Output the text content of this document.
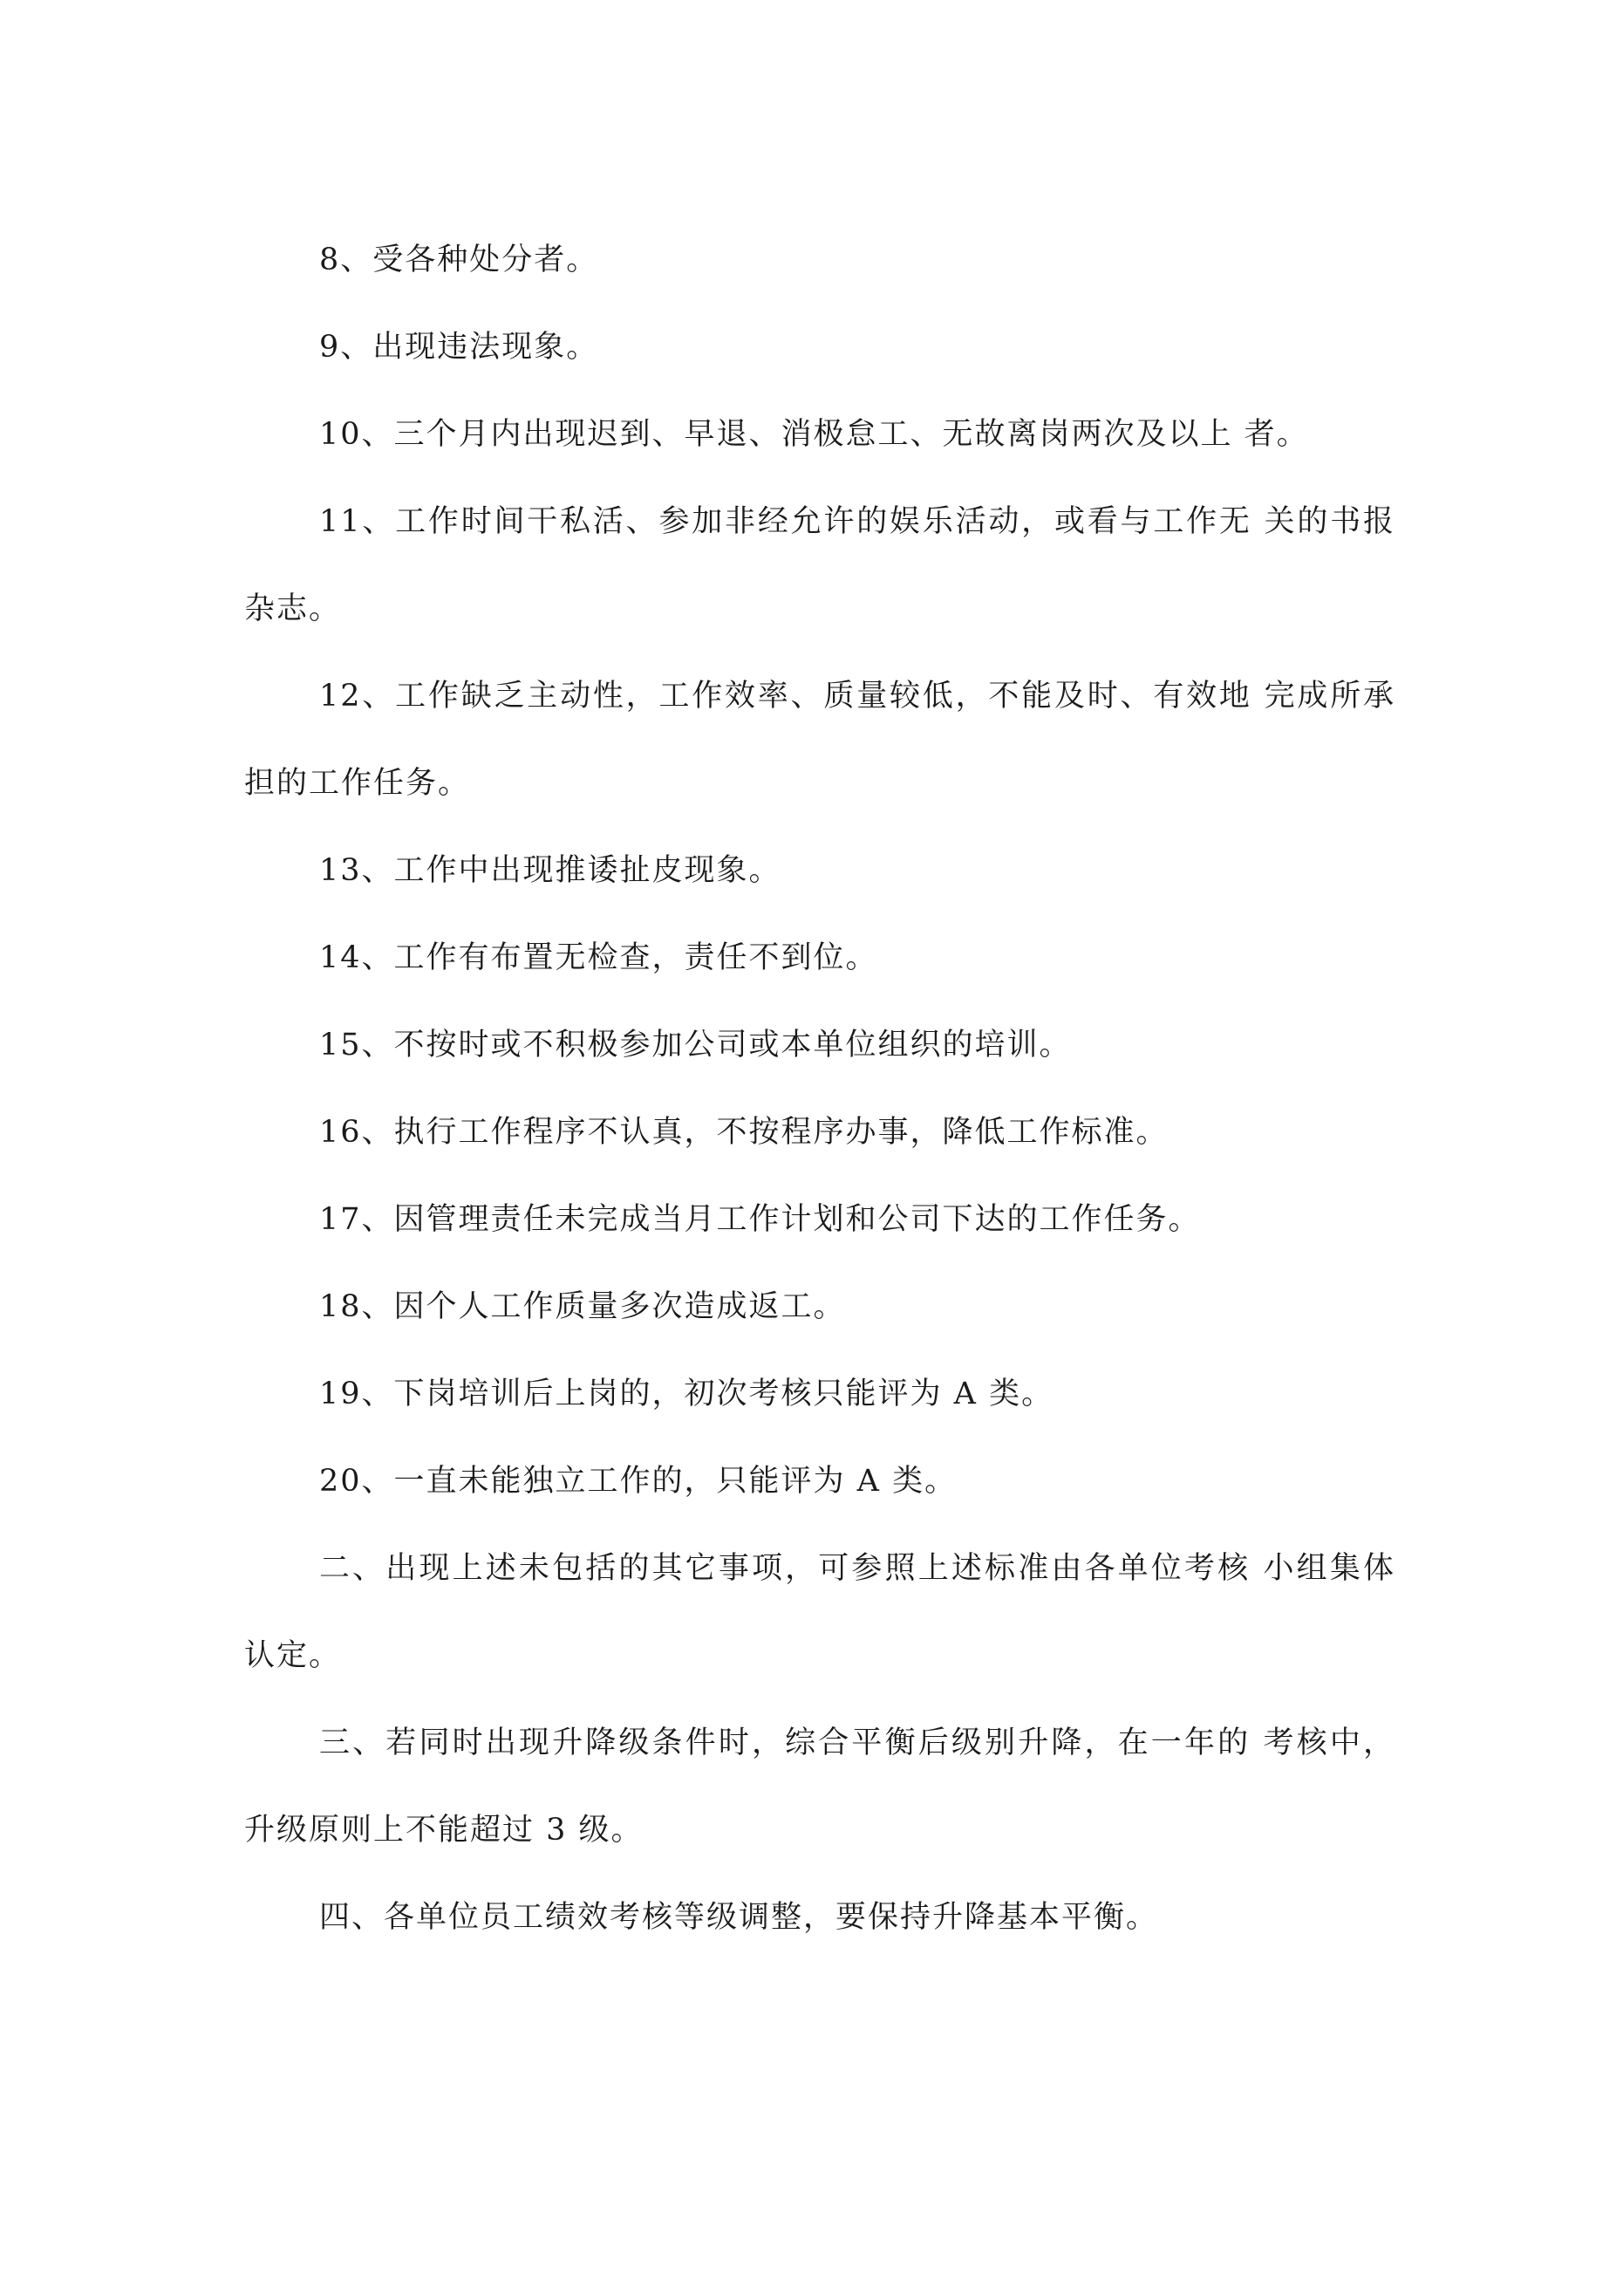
8、受各种处分者。

9、出现违法现象。

10、三个月内出现迟到、早退、消极怠工、无故离岗两次及以上 者。

11、工作时间干私活、参加非经允许的娱乐活动，或看与工作无 关的书报杂志。

12、工作缺乏主动性，工作效率、质量较低，不能及时、有效地 完成所承担的工作任务。

13、工作中出现推诿扯皮现象。

14、工作有布置无检查，责任不到位。

15、不按时或不积极参加公司或本单位组织的培训。

16、执行工作程序不认真，不按程序办事，降低工作标准。

17、因管理责任未完成当月工作计划和公司下达的工作任务。

18、因个人工作质量多次造成返工。

19、下岗培训后上岗的，初次考核只能评为 A 类。

20、一直未能独立工作的，只能评为 A 类。

二、出现上述未包括的其它事项，可参照上述标准由各单位考核 小组集体认定。

三、若同时出现升降级条件时，综合平衡后级别升降，在一年的 考核中，升级原则上不能超过 3 级。

四、各单位员工绩效考核等级调整，要保持升降基本平衡。
